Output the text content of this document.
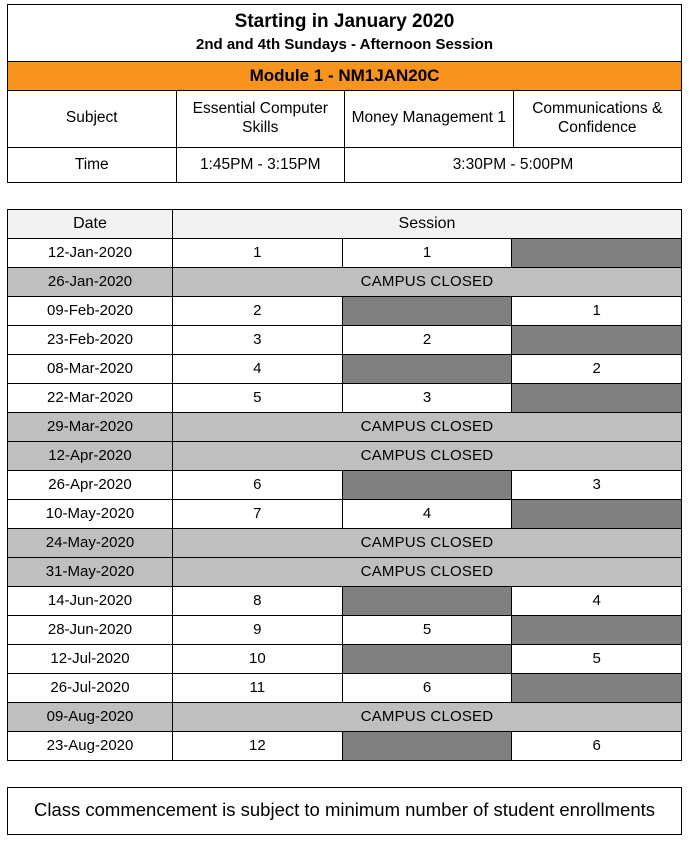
Starting in January 2020			
2nd and 4th Sundays - Afternoon Session			
Module 1 - NM1JAN20C			
Subject	Essential Computer Skills	Money Management 1	Communications & Confidence
Time	1:45PM - 3:15PM	3:30PM - 5:00PM	
Date	Session		
12-Jan-2020	1	1	
26-Jan-2020	CAMPUS CLOSED		
09-Feb-2020	2		1
23-Feb-2020	3	2	
08-Mar-2020	4		2
22-Mar-2020	5	3	
29-Mar-2020	CAMPUS CLOSED		
12-Apr-2020	CAMPUS CLOSED		
26-Apr-2020	6		3
10-May-2020	7	4	
24-May-2020	CAMPUS CLOSED		
31-May-2020	CAMPUS CLOSED		
14-Jun-2020	8		4
28-Jun-2020	9	5	
12-Jul-2020	10		5
26-Jul-2020	11	6	
09-Aug-2020	CAMPUS CLOSED		
23-Aug-2020	12		6
Class commencement is subject to minimum number of student enrollments
